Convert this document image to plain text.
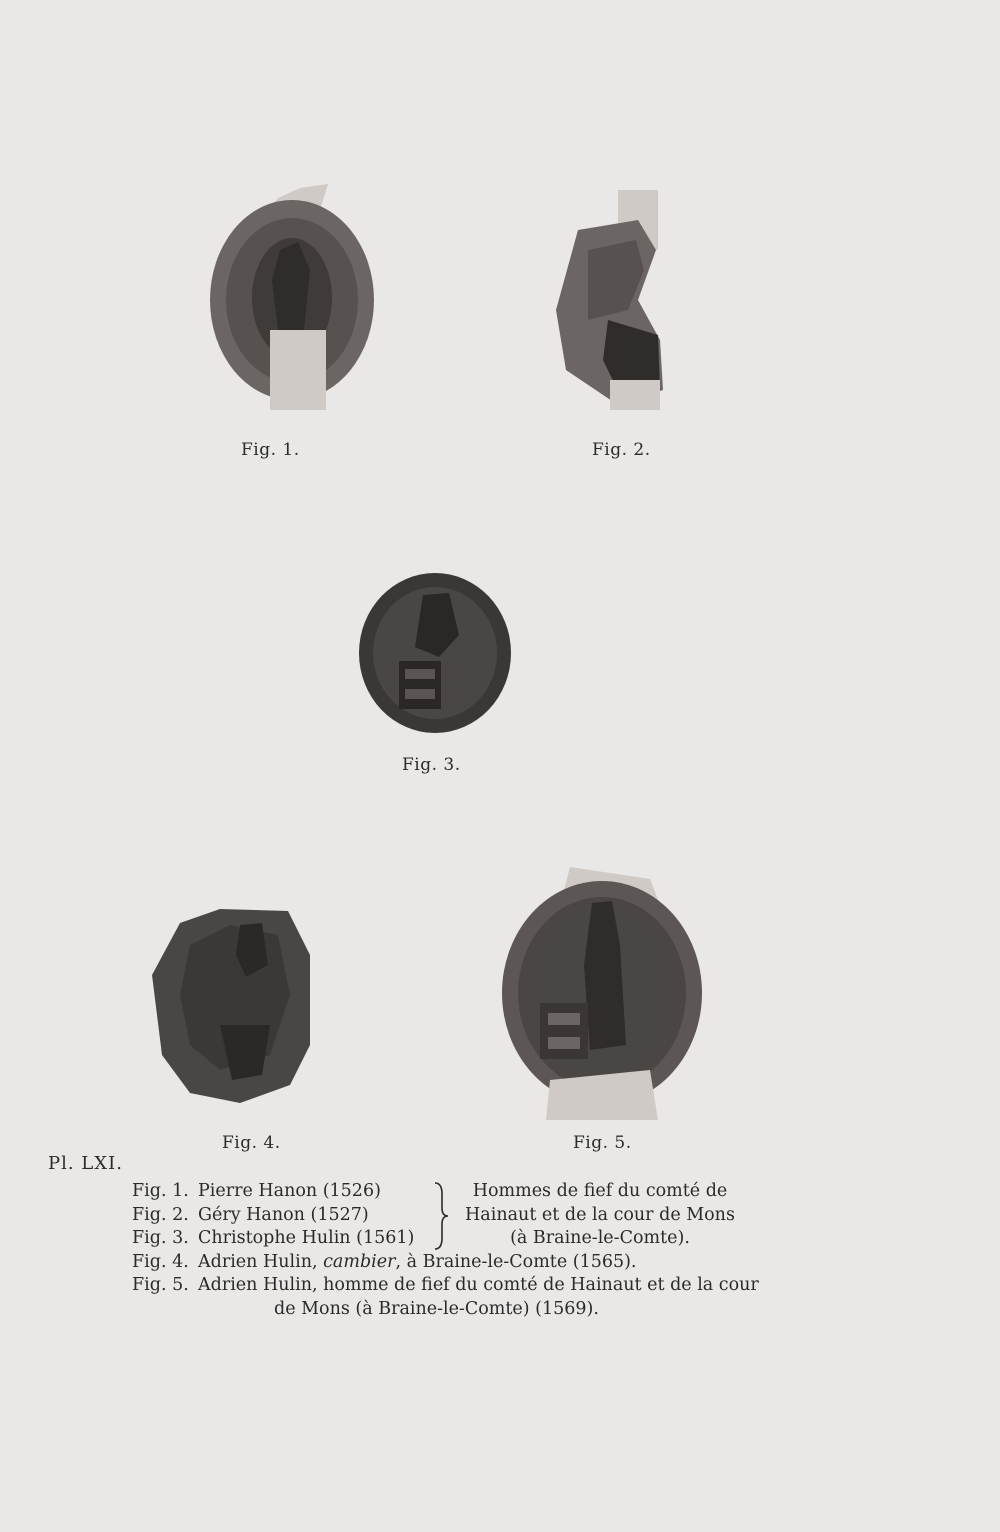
Fig. 1.	Fig. 2.
Fig. 3.
Fig. 4.	Fig. 5.
Pl. LXI.
Fig. 1. Pierre Hanon (1526)
Fig. 2. Géry Hanon (1527)
Fig. 3. Christophe Hulin (1561)
Fig. 4. Adrien Hulin, cambier, à Braine-le-Comte (1565).
Fig. 5. Adrien Hulin, homme de fief du comté de Hainaut et de la cour
de Mons (à Braine-le-Comte) (1569).
Hommes de fief du comté de
Hainaut et de la cour de Mons
(à Braine-le-Comte).
